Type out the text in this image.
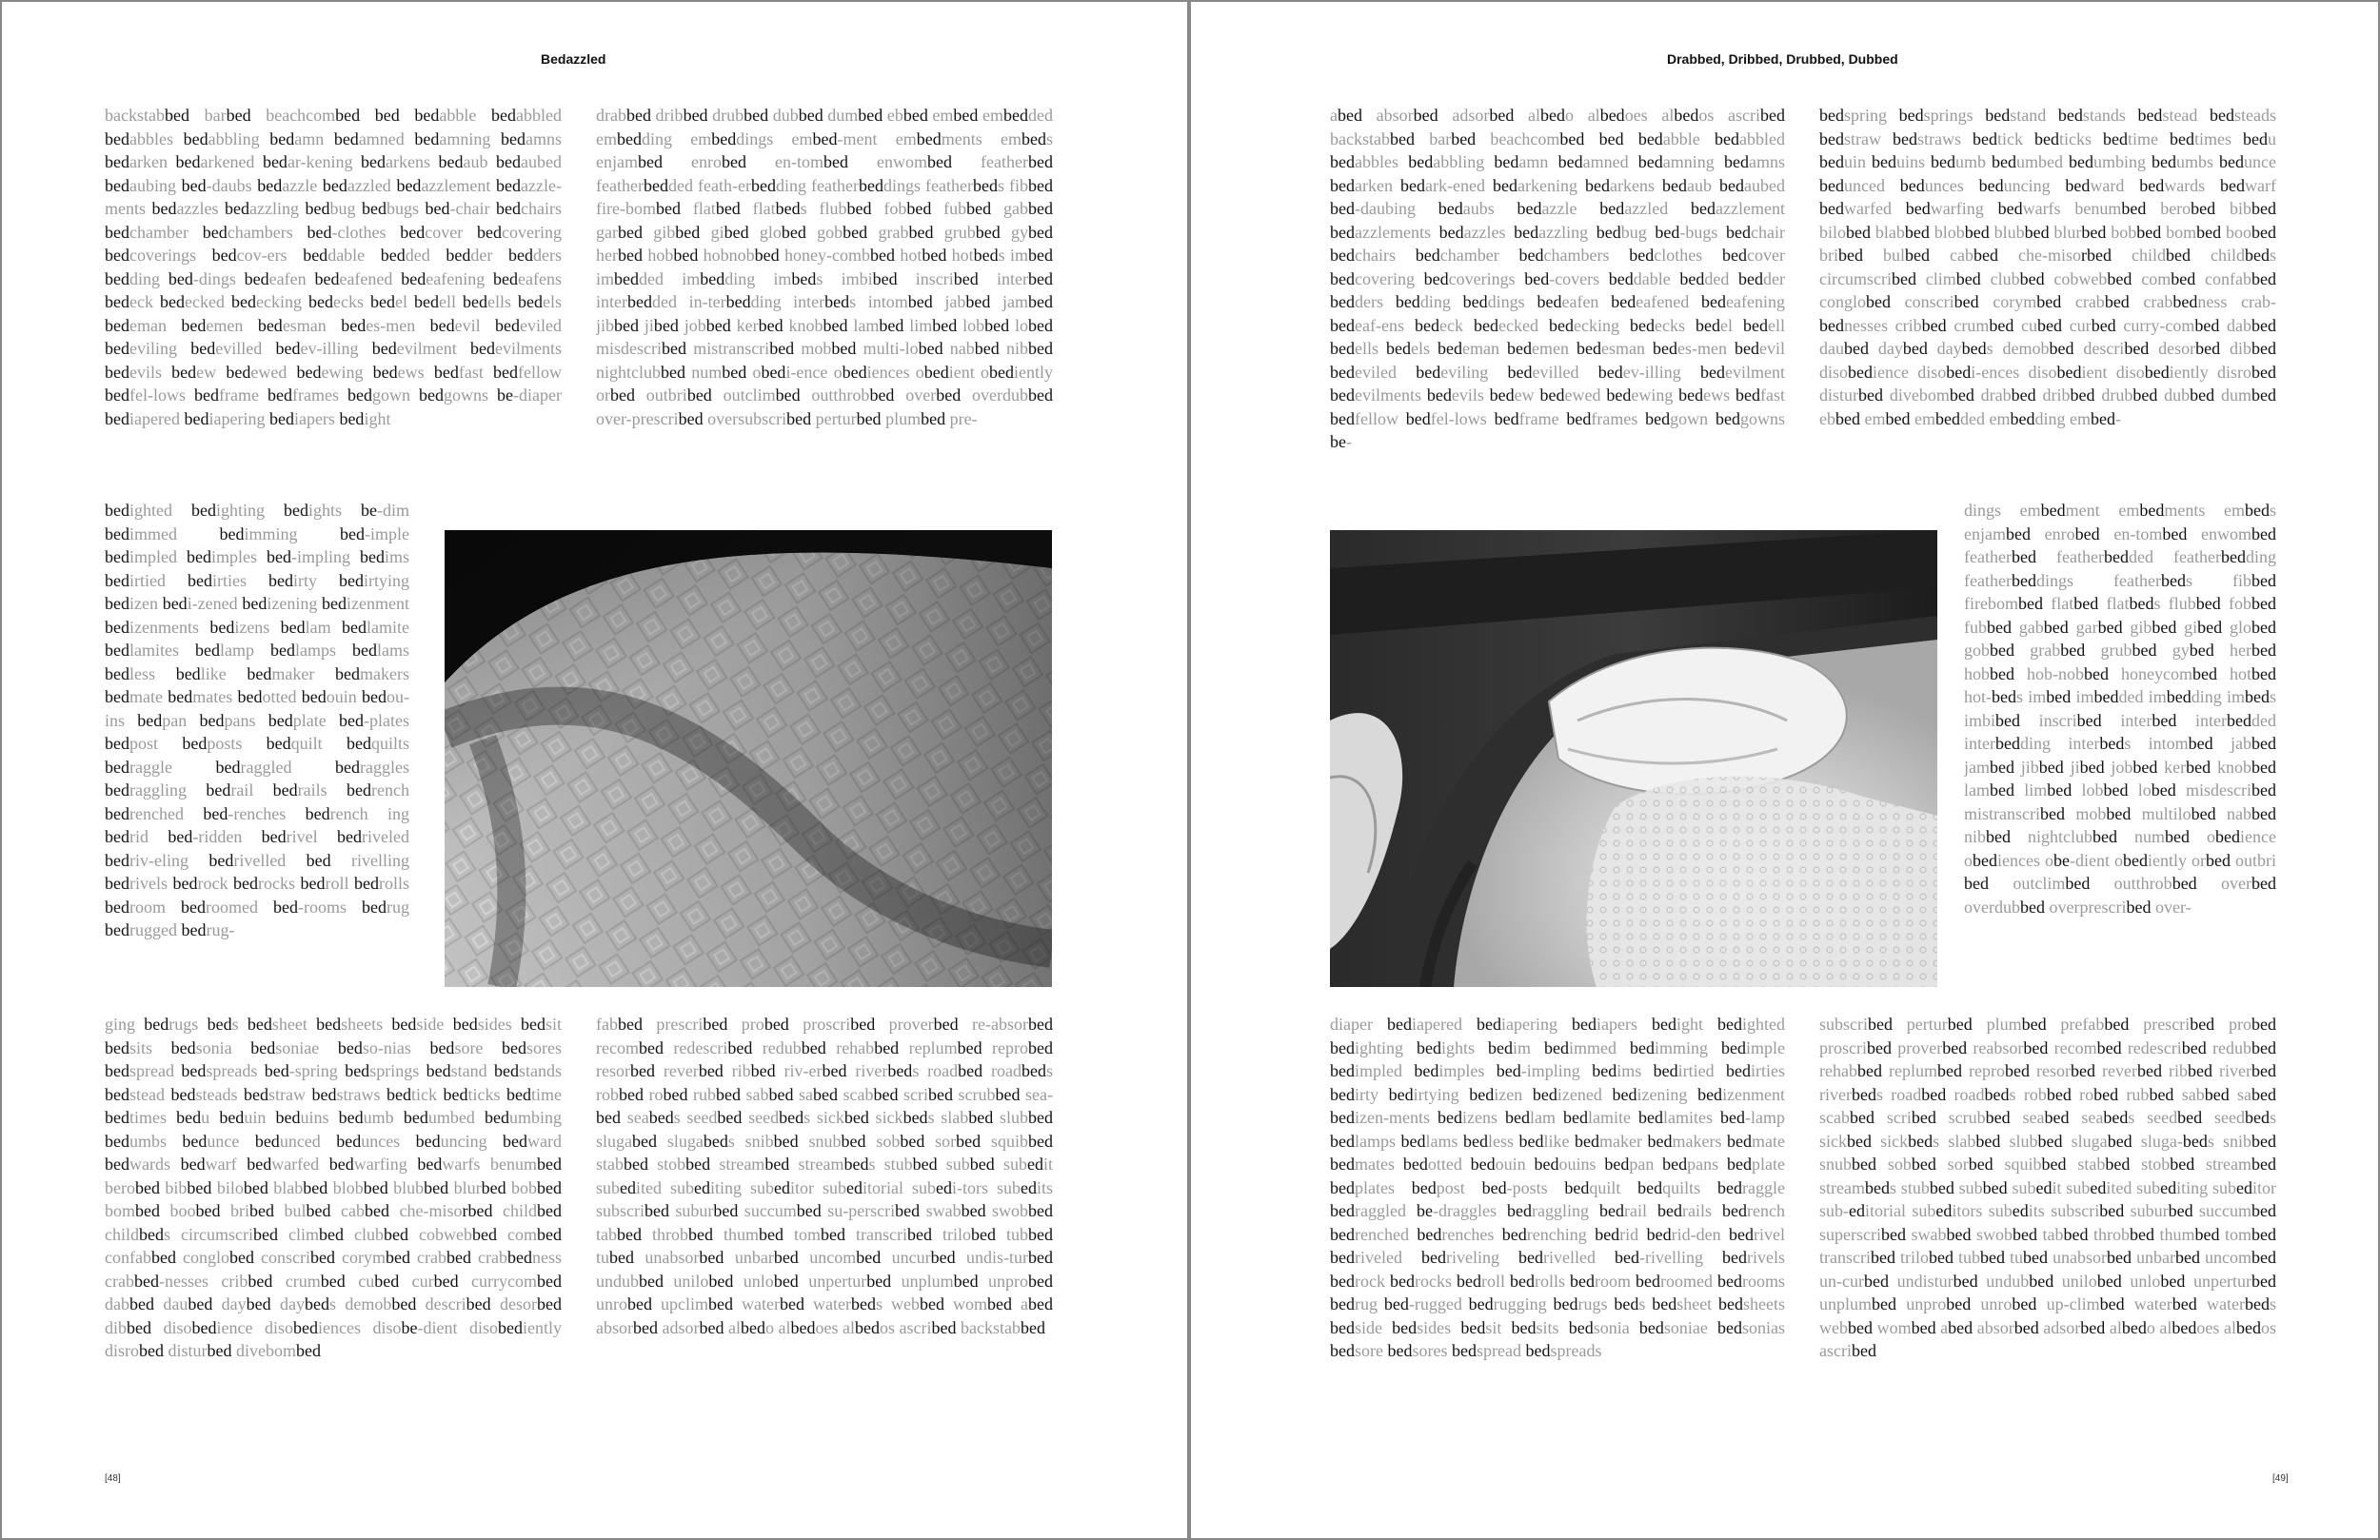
Bedazzled
backstabbed barbed beachcombed bed bedabble bedabbled bedabbles bedabbling bedamn bedamned bedamning bedamns bedarken bedarkened bedar-kening bedarkens bedaub bedaubed bedaubing bed-daubs bedazzle bedazzled bedazzlement bedazzle-ments bedazzles bedazzling bedbug bedbugs bed-chair bedchairs bedchamber bedchambers bed-clothes bedcover bedcovering bedcoverings bedcov-ers beddable bedded bedder bedders bedding bed-dings bedeafen bedeafened bedeafening bedeafens bedeck bedecked bedecking bedecks bedel bedell bedells bedels bedeman bedemen bedesman bedes-men bedevil bedeviled bedeviling bedevilled bedev-illing bedevilment bedevilments bedevils bedew bedewed bedewing bedews bedfast bedfellow bedfel-lows bedframe bedframes bedgown bedgowns be-diaper bediapered bediapering bediapers bedight
bedighted bedighting bedights be-dim bedimmed bedimming bed-imple bedimpled bedimples bed-impling bedims bedirtied bedirties bedirty bedirtying bedizen bedi-zened bedizening bedizenment bedizenments bedizens bedlam bedlamite bedlamites bedlamp bedlamps bedlams bedless bedlike bedmaker bedmakers bedmate bedmates bedotted bedouin bedou-ins bedpan bedpans bedplate bed-plates bedpost bedposts bedquilt bedquilts bedraggle bedraggled bedraggles bedraggling bedrail bedrails bedrench bedrenched bed-renches bedrench ing bedrid bed-ridden bedrivel bedriveled bedriv-eling bedrivelled bed rivelling bedrivels bedrock bedrocks bedroll bedrolls bedroom bedroomed bed-rooms bedrug bedrugged bedrug-
ging bedrugs beds bedsheet bedsheets bedside bedsides bedsit bedsits bedsonia bedsoniae bedso-nias bedsore bedsores bedspread bedspreads bed-spring bedsprings bedstand bedstands bedstead bedsteads bedstraw bedstraws bedtick bedticks bedtime bedtimes bedu beduin beduins bedumb bedumbed bedumbing bedumbs bedunce bedunced bedunces beduncing bedward bedwards bedwarf bedwarfed bedwarfing bedwarfs benumbed berobed bibbed bilobed blabbed blobbed blubbed blurbed bobbed bombed boobed bribed bulbed cabbed che-misorbed childbed childbeds circumscribed climbed clubbed cobwebbed combed confabbed conglobed conscribed corymbed crabbed crabbedness crabbed-nesses cribbed crumbed cubed curbed currycombed dabbed daubed daybed daybeds demobbed described desorbed dibbed disobedience disobediences disobe-dient disobediently disrobed disturbed divebombed
drabbed dribbed drubbed dubbed dumbed ebbed embed embedded embedding embeddings embed-ment embedments embeds enjambed enrobed en-tombed enwombed featherbed featherbedded feath-erbedding featherbeddings featherbeds fibbed fire-bombed flatbed flatbeds flubbed fobbed fubbed gabbed garbed gibbed gibed globed gobbed grabbed grubbed gybed herbed hobbed hobnobbed honey-combbed hotbed hotbeds imbed imbedded imbedding imbeds imbibed inscribed interbed interbedded in-terbedding interbeds intombed jabbed jambed jibbed jibed jobbed kerbed knobbed lambed limbed lobbed lobed misdescribed mistranscribed mobbed multi-lobed nabbed nibbed nightclubbed numbed obedi-ence obediences obedient obediently orbed outbribed outclimbed outthrobbed overbed overdubbed over-prescribed oversubscribed perturbed plumbed pre-
fabbed prescribed probed proscribed proverbed re-absorbed recombed redescribed redubbed rehabbed replumbed reprobed resorbed reverbed ribbed riv-erbed riverbeds roadbed roadbeds robbed robed rubbed sabbed sabed scabbed scribed scrubbed sea-bed seabeds seedbed seedbeds sickbed sickbeds slabbed slubbed slugabed slugabeds snibbed snubbed sobbed sorbed squibbed stabbed stobbed streambed streambeds stubbed subbed subedit subedited subediting subeditor subeditorial subedi-tors subedits subscribed suburbed succumbed su-perscribed swabbed swobbed tabbed throbbed thumbed tombed transcribed trilobed tubbed tubed unabsorbed unbarbed uncombed uncurbed undis-turbed undubbed unilobed unlobed unperturbed unplumbed unprobed unrobed upclimbed waterbed waterbeds webbed wombed abed absorbed adsorbed albedo albedoes albedos ascribed backstabbed
[48]
Drabbed, Dribbed, Drubbed, Dubbed
abed absorbed adsorbed albedo albedoes albedos ascribed backstabbed barbed beachcombed bed bedabble bedabbled bedabbles bedabbling bedamn bedamned bedamning bedamns bedarken bedark-ened bedarkening bedarkens bedaub bedaubed bed-daubing bedaubs bedazzle bedazzled bedazzlement bedazzlements bedazzles bedazzling bedbug bed-bugs bedchair bedchairs bedchamber bedchambers bedclothes bedcover bedcovering bedcoverings bed-covers beddable bedded bedder bedders bedding beddings bedeafen bedeafened bedeafening bedeaf-ens bedeck bedecked bedecking bedecks bedel bedell bedells bedels bedeman bedemen bedesman bedes-men bedevil bedeviled bedeviling bedevilled bedev-illing bedevilment bedevilments bedevils bedew bedewed bedewing bedews bedfast bedfellow bedfel-lows bedframe bedframes bedgown bedgowns be-
diaper bediapered bediapering bediapers bedight bedighted bedighting bedights bedim bedimmed bedimming bedimple bedimpled bedimples bed-impling bedims bedirtied bedirties bedirty bedirtying bedizen bedizened bedizening bedizenment bedizen-ments bedizens bedlam bedlamite bedlamites bed-lamp bedlamps bedlams bedless bedlike bedmaker bedmakers bedmate bedmates bedotted bedouin bedouins bedpan bedpans bedplate bedplates bedpost bed-posts bedquilt bedquilts bedraggle bedraggled be-draggles bedraggling bedrail bedrails bedrench bedrenched bedrenches bedrenching bedrid bedrid-den bedrivel bedriveled bedriveling bedrivelled bed-rivelling bedrivels bedrock bedrocks bedroll bedrolls bedroom bedroomed bedrooms bedrug bed-rugged bedrugging bedrugs beds bedsheet bedsheets bedside bedsides bedsit bedsits bedsonia bedsoniae bedsonias bedsore bedsores bedspread bedspreads
bedspring bedsprings bedstand bedstands bedstead bedsteads bedstraw bedstraws bedtick bedticks bedtime bedtimes bedu beduin beduins bedumb bedumbed bedumbing bedumbs bedunce bedunced bedunces beduncing bedward bedwards bedwarf bedwarfed bedwarfing bedwarfs benumbed berobed bibbed bilobed blabbed blobbed blubbed blurbed bobbed bombed boobed bribed bulbed cabbed che-misorbed childbed childbeds circumscribed climbed clubbed cobwebbed combed confabbed conglobed conscribed corymbed crabbed crabbedness crab-bednesses cribbed crumbed cubed curbed curry-combed dabbed daubed daybed daybeds demobbed described desorbed dibbed disobedience disobedi-ences disobedient disobediently disrobed disturbed divebombed drabbed dribbed drubbed dubbed dumbed ebbed embed embedded embedding embed-
dings embedment embedments embeds enjambed enrobed en-tombed enwombed featherbed featherbedded featherbedding featherbeddings featherbeds fibbed firebombed flatbed flatbeds flubbed fobbed fubbed gabbed garbed gibbed gibed globed gobbed grabbed grubbed gybed herbed hobbed hob-nobbed honeycombed hotbed hot-beds imbed imbedded imbedding imbeds imbibed inscribed interbed interbedded interbedding interbeds intombed jabbed jambed jibbed jibed jobbed kerbed knobbed lambed limbed lobbed lobed misdescribed mistranscribed mobbed multilobed nabbed nibbed nightclubbed numbed obedience obediences obe-dient obediently orbed outbri bed outclimbed outthrobbed overbed overdubbed overprescribed over-
subscribed perturbed plumbed prefabbed prescribed probed proscribed proverbed reabsorbed recombed redescribed redubbed rehabbed replumbed reprobed resorbed reverbed ribbed riverbed riverbeds roadbed roadbeds robbed robed rubbed sabbed sabed scabbed scribed scrubbed seabed seabeds seedbed seedbeds sickbed sickbeds slabbed slubbed slugabed sluga-beds snibbed snubbed sobbed sorbed squibbed stabbed stobbed streambed streambeds stubbed subbed subedit subedited subediting subeditor sub-editorial subeditors subedits subscribed suburbed succumbed superscribed swabbed swobbed tabbed throbbed thumbed tombed transcribed trilobed tubbed tubed unabsorbed unbarbed uncombed un-curbed undisturbed undubbed unilobed unlobed unperturbed unplumbed unprobed unrobed up-climbed waterbed waterbeds webbed wombed abed absorbed adsorbed albedo albedoes albedos ascribed
[49]
